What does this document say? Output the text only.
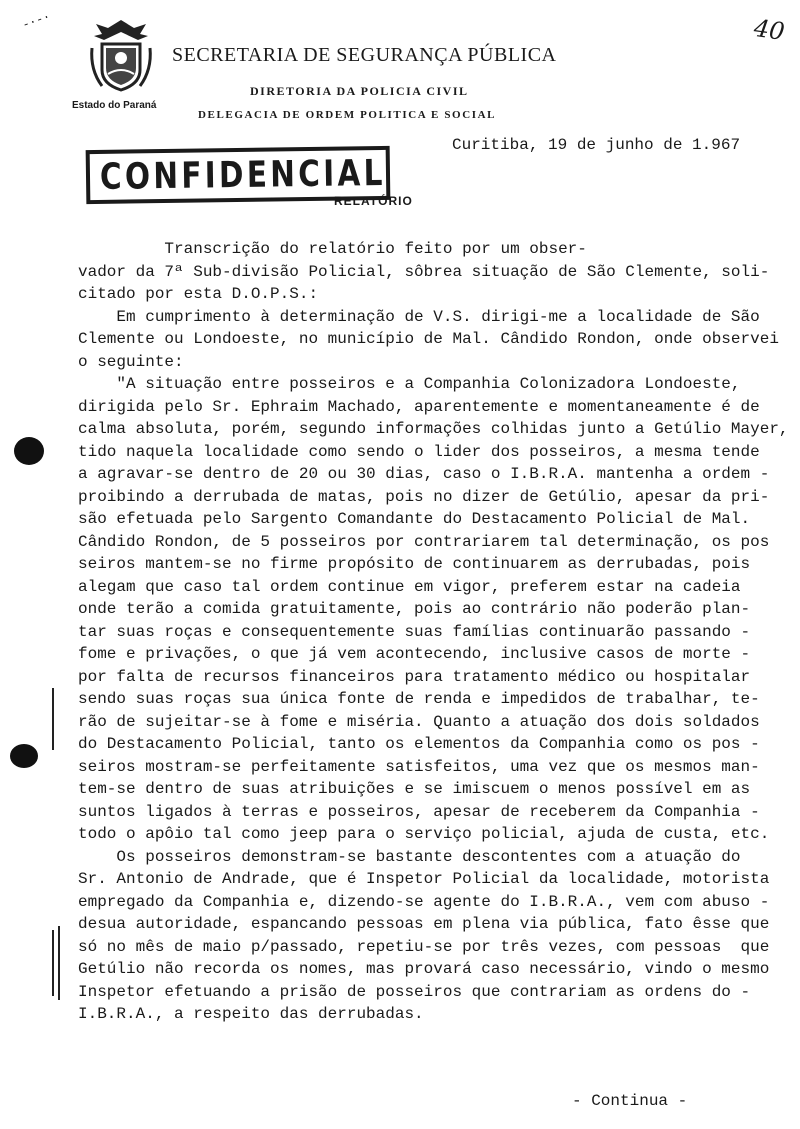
-·-·
Estado do Paraná
SECRETARIA DE SEGURANÇA PÚBLICA
DIRETORIA DA POLICIA CIVIL
DELEGACIA DE ORDEM POLITICA E SOCIAL
40
Curitiba, 19 de junho de 1.967
CONFIDENCIAL
RELATÓRIO

Transcrição do relatório feito por um obser-

vador da 7ª Sub-divisão Policial, sôbrea situação de São Clemente, soli-

citado por esta D.O.P.S.:

Em cumprimento à determinação de V.S. dirigi-me a localidade de São

Clemente ou Londoeste, no município de Mal. Cândido Rondon, onde observei

o seguinte:

"A situação entre posseiros e a Companhia Colonizadora Londoeste,

dirigida pelo Sr. Ephraim Machado, aparentemente e momentaneamente é de

calma absoluta, porém, segundo informações colhidas junto a Getúlio Mayer,

tido naquela localidade como sendo o lider dos posseiros, a mesma tende

a agravar-se dentro de 20 ou 30 dias, caso o I.B.R.A. mantenha a ordem -

proibindo a derrubada de matas, pois no dizer de Getúlio, apesar da pri-

são efetuada pelo Sargento Comandante do Destacamento Policial de Mal.

Cândido Rondon, de 5 posseiros por contrariarem tal determinação, os pos

seiros mantem-se no firme propósito de continuarem as derrubadas, pois

alegam que caso tal ordem continue em vigor, preferem estar na cadeia

onde terão a comida gratuitamente, pois ao contrário não poderão plan-

tar suas roças e consequentemente suas famílias continuarão passando -

fome e privações, o que já vem acontecendo, inclusive casos de morte -

por falta de recursos financeiros para tratamento médico ou hospitalar

sendo suas roças sua única fonte de renda e impedidos de trabalhar, te-

rão de sujeitar-se à fome e miséria. Quanto a atuação dos dois soldados

do Destacamento Policial, tanto os elementos da Companhia como os pos -

seiros mostram-se perfeitamente satisfeitos, uma vez que os mesmos man-

tem-se dentro de suas atribuições e se imiscuem o menos possível em as

suntos ligados à terras e posseiros, apesar de receberem da Companhia -

todo o apôio tal como jeep para o serviço policial, ajuda de custa, etc.

Os posseiros demonstram-se bastante descontentes com a atuação do

Sr. Antonio de Andrade, que é Inspetor Policial da localidade, motorista

empregado da Companhia e, dizendo-se agente do I.B.R.A., vem com abuso -

desua autoridade, espancando pessoas em plena via pública, fato êsse que

só no mês de maio p/passado, repetiu-se por três vezes, com pessoas  que

Getúlio não recorda os nomes, mas provará caso necessário, vindo o mesmo

Inspetor efetuando a prisão de posseiros que contrariam as ordens do -

I.B.R.A., a respeito das derrubadas.

- Continua -
